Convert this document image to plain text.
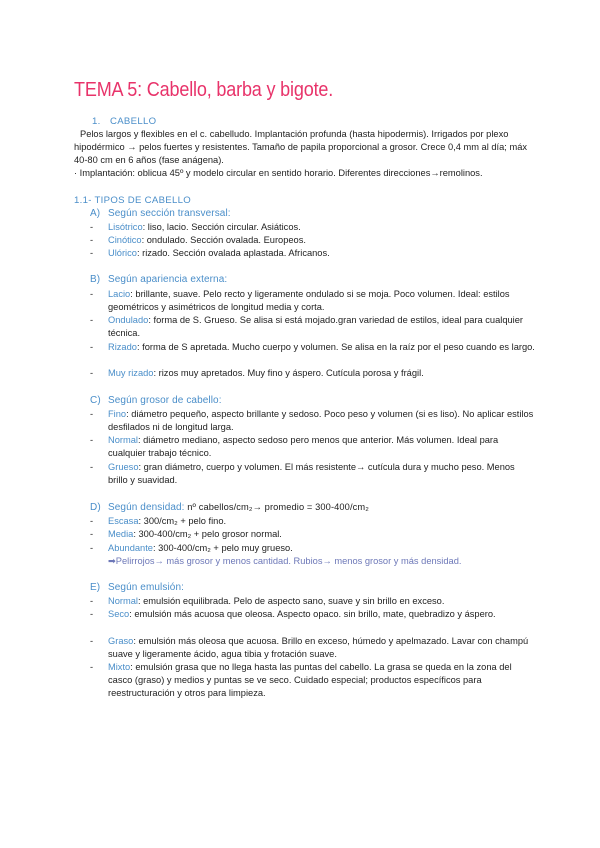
TEMA 5: Cabello, barba y bigote.
1. CABELLO
Pelos largos y flexibles en el c. cabelludo. Implantación profunda (hasta hipodermis). Irrigados por plexo hipodérmico → pelos fuertes y resistentes. Tamaño de papila proporcional a grosor. Crece 0,4 mm al día; máx 40-80 cm en 6 años (fase anágena).
· Implantación: oblicua 45º y modelo circular en sentido horario. Diferentes direcciones→remolinos.
1.1- TIPOS DE CABELLO
A) Según sección transversal:
- Lisótrico: liso, lacio. Sección circular. Asiáticos.
- Cinótico: ondulado. Sección ovalada. Europeos.
- Ulórico: rizado. Sección ovalada aplastada. Africanos.
B) Según apariencia externa:
- Lacio: brillante, suave. Pelo recto y ligeramente ondulado si se moja. Poco volumen. Ideal: estilos geométricos y asimétricos de longitud media y corta.
- Ondulado: forma de S. Grueso. Se alisa si está mojado.gran variedad de estilos, ideal para cualquier técnica.
- Rizado: forma de S apretada. Mucho cuerpo y volumen. Se alisa en la raíz por el peso cuando es largo.
- Muy rizado: rizos muy apretados. Muy fino y áspero. Cutícula porosa y frágil.
C) Según grosor de cabello:
- Fino: diámetro pequeño, aspecto brillante y sedoso. Poco peso y volumen (si es liso). No aplicar estilos desfilados ni de longitud larga.
- Normal: diámetro mediano, aspecto sedoso pero menos que anterior. Más volumen. Ideal para cualquier trabajo técnico.
- Grueso: gran diámetro, cuerpo y volumen. El más resistente→ cutícula dura y mucho peso. Menos brillo y suavidad.
D) Según densidad: nº cabellos/cm₂→ promedio = 300-400/cm₂
- Escasa: 300/cm₂ + pelo fino.
- Media: 300-400/cm₂ + pelo grosor normal.
- Abundante: 300-400/cm₂ + pelo muy grueso.
➡Pelirrojos→ más grosor y menos cantidad. Rubios→ menos grosor y más densidad.
E) Según emulsión:
- Normal: emulsión equilibrada. Pelo de aspecto sano, suave y sin brillo en exceso.
- Seco: emulsión más acuosa que oleosa. Aspecto opaco. sin brillo, mate, quebradizo y áspero.
- Graso: emulsión más oleosa que acuosa. Brillo en exceso, húmedo y apelmazado. Lavar con champú suave y ligeramente ácido, agua tibia y frotación suave.
- Mixto: emulsión grasa que no llega hasta las puntas del cabello. La grasa se queda en la zona del casco (graso) y medios y puntas se ve seco. Cuidado especial; productos específicos para reestructuración y otros para limpieza.
